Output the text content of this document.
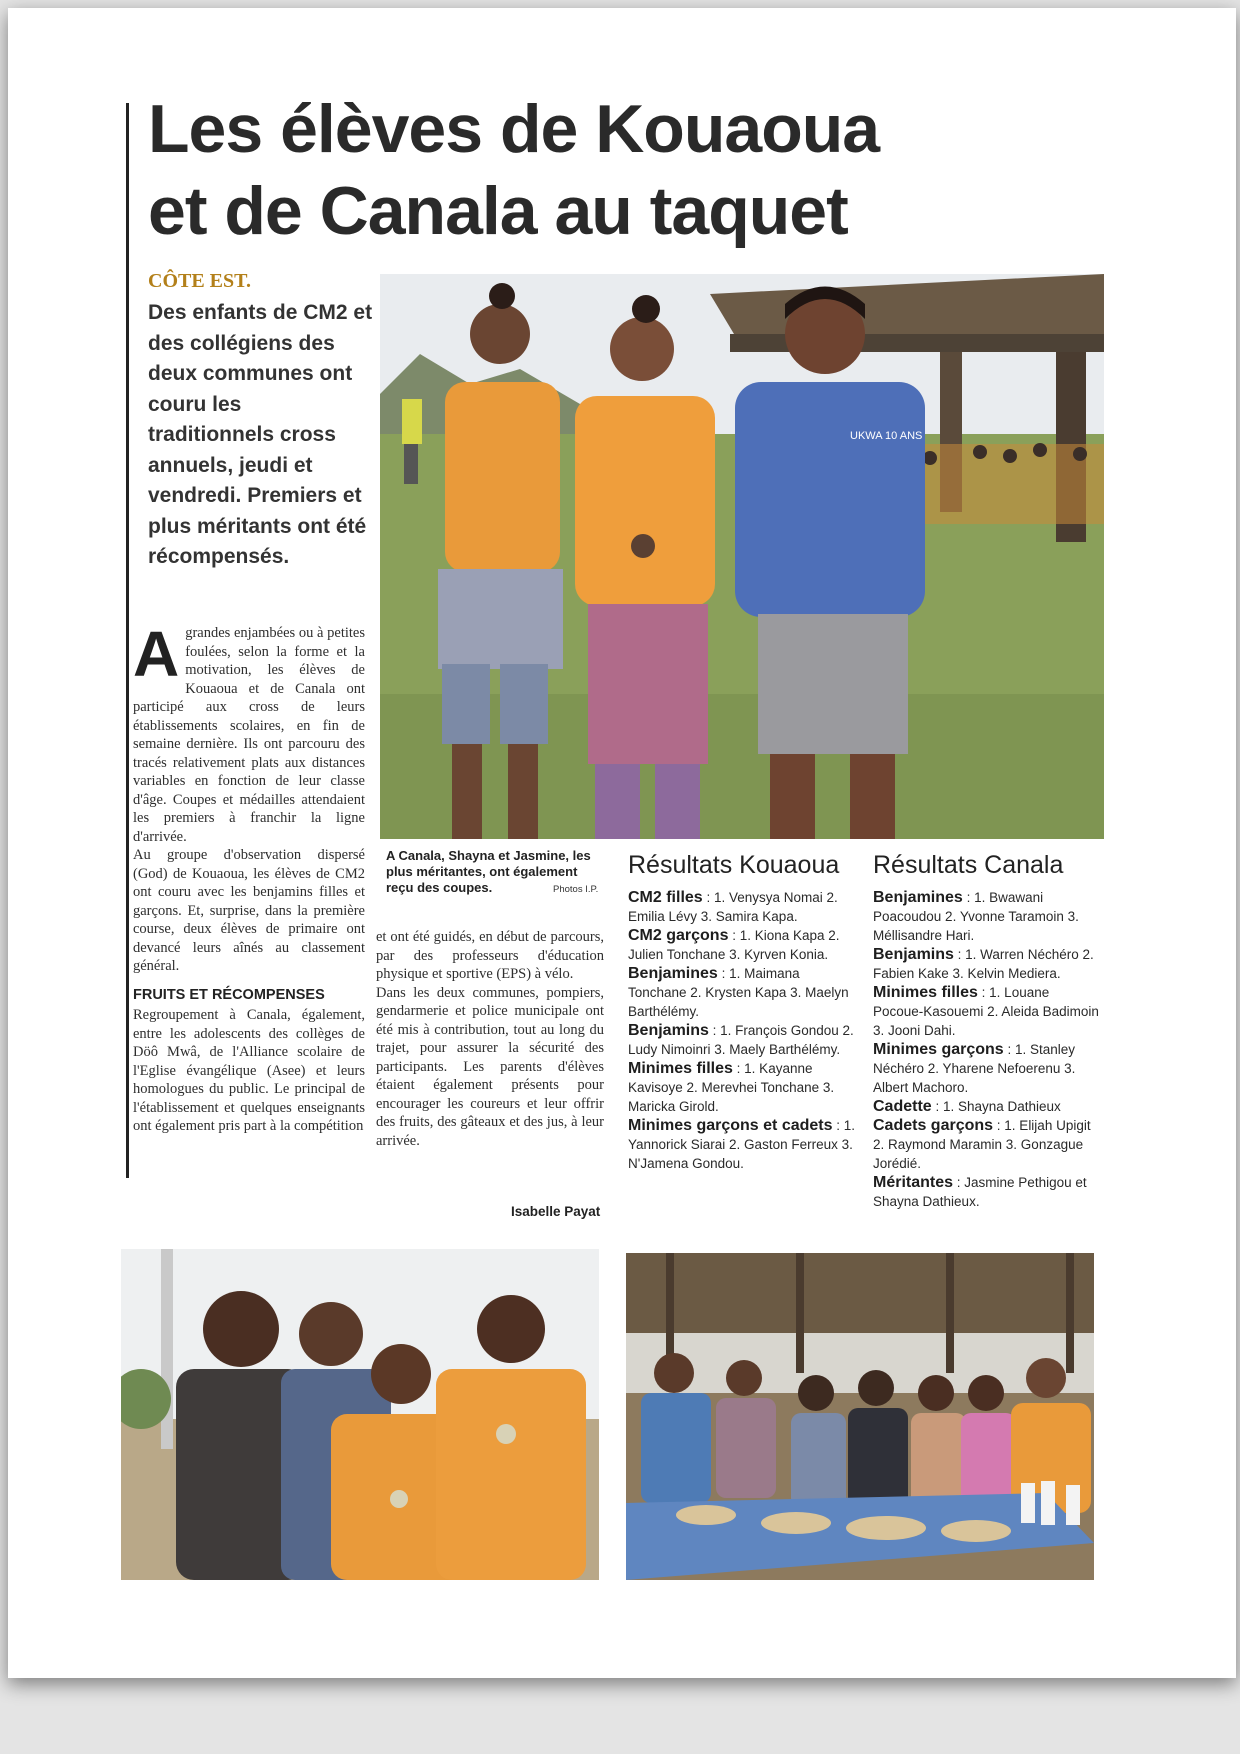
Les élèves de Kouaoua
et de Canala au taquet
CÔTE EST.
Des enfants de CM2 et des collégiens des deux communes ont couru les traditionnels cross annuels, jeudi et vendredi. Premiers et plus méritants ont été récompensés.
UKWA 10 ANS
A Canala, Shayna et Jasmine, les plus méritantes, ont également reçu des coupes.	Photos I.P.

Agrandes enjambées ou à petites foulées, selon la forme et la motivation, les élèves de Kouaoua et de Canala ont participé aux cross de leurs établissements scolaires, en fin de semaine dernière. Ils ont parcouru des tracés relativement plats aux distances variables en fonction de leur classe d'âge. Coupes et médailles attendaient les premiers à franchir la ligne d'arrivée.

Au groupe d'observation dispersé (God) de Kouaoua, les élèves de CM2 ont couru avec les benjamins filles et garçons. Et, surprise, dans la première course, deux élèves de primaire ont devancé leurs aînés au classement général.

FRUITS ET RÉCOMPENSES

Regroupement à Canala, également, entre les adolescents des collèges de Döô Mwâ, de l'Alliance scolaire de l'Eglise évangélique (Asee) et leurs homologues du public. Le principal de l'établissement et quelques enseignants ont également pris part à la compétition

et ont été guidés, en début de parcours, par des professeurs d'éducation physique et sportive (EPS) à vélo.

Dans les deux communes, pompiers, gendarmerie et police municipale ont été mis à contribution, tout au long du trajet, pour assurer la sécurité des participants. Les parents d'élèves étaient également présents pour encourager les coureurs et leur offrir des fruits, des gâteaux et des jus, à leur arrivée.

Isabelle Payat
Résultats Kouaoua
CM2 filles : 1. Venysya Nomai 2. Emilia Lévy 3. Samira Kapa.
CM2 garçons : 1. Kiona Kapa 2. Julien Tonchane 3. Kyrven Konia.
Benjamines : 1. Maimana Tonchane 2. Krysten Kapa 3. Maelyn Barthélémy.
Benjamins : 1. François Gondou 2. Ludy Nimoinri 3. Maely Barthélémy.
Minimes filles : 1. Kayanne Kavisoye 2. Merevhei Tonchane 3. Maricka Girold.
Minimes garçons et cadets : 1. Yannorick Siarai 2. Gaston Ferreux 3. N'Jamena Gondou.
Résultats Canala
Benjamines : 1. Bwawani Poacoudou 2. Yvonne Taramoin 3. Méllisandre Hari.
Benjamins : 1. Warren Néchéro 2. Fabien Kake 3. Kelvin Mediera.
Minimes filles : 1. Louane Pocoue-Kasouemi 2. Aleida Badimoin 3. Jooni Dahi.
Minimes garçons : 1. Stanley Néchéro 2. Yharene Nefoerenu 3. Albert Machoro.
Cadette : 1. Shayna Dathieux
Cadets garçons : 1. Elijah Upigit 2. Raymond Maramin 3. Gonzague Jorédié.
Méritantes : Jasmine Pethigou et Shayna Dathieux.
